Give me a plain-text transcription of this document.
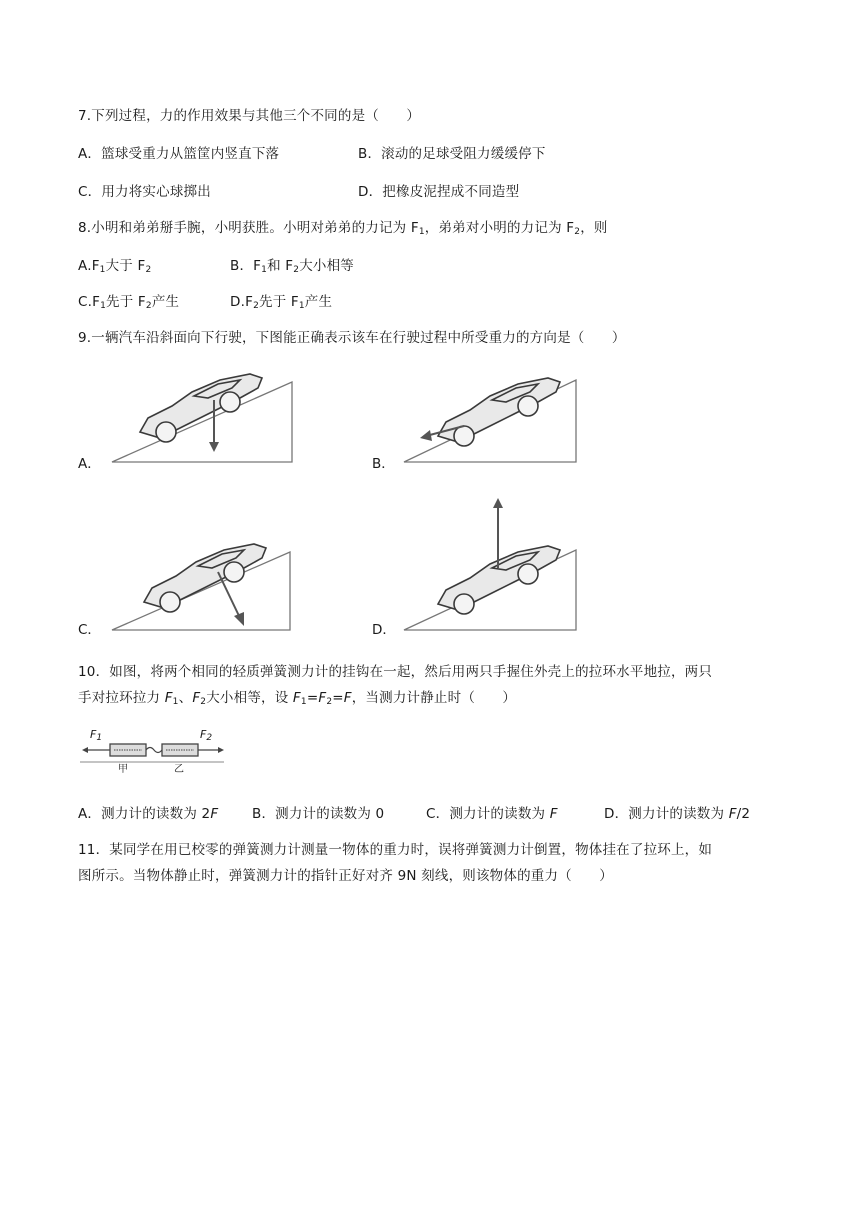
7.下列过程，力的作用效果与其他三个不同的是（　　）
A．篮球受重力从篮筐内竖直下落	B．滚动的足球受阻力缓缓停下
C．用力将实心球掷出	D．把橡皮泥捏成不同造型
8.小明和弟弟掰手腕，小明获胜。小明对弟弟的力记为 $F_1$，弟弟对小明的力记为 $F_2$，则
$A.F_1$大于 $F_2$	B．$F_1$和 $F_2$大小相等
$C.F_1$先于 $F_2$产生	$D.F_2$先于 $F_1$产生
9.一辆汽车沿斜面向下行驶，下图能正确表示该车在行驶过程中所受重力的方向是（　　）
A．	B．
C．	D．
10．如图，将两个相同的轻质弹簧测力计的挂钩在一起，然后用两只手握住外壳上的拉环水平地拉，两只
手对拉环拉力 $F_1$、$F_2$大小相等，设 $F_1=F_2=F$，当测力计静止时（　　）
$F_1$	$F_2$
甲	乙
A．测力计的读数为 2F B．测力计的读数为 0	C．测力计的读数为 F	D．测力计的读数为 F/2
11．某同学在用已校零的弹簧测力计测量一物体的重力时，误将弹簧测力计倒置，物体挂在了拉环上，如
图所示。当物体静止时，弹簧测力计的指针正好对齐 9N 刻线，则该物体的重力（　　）
